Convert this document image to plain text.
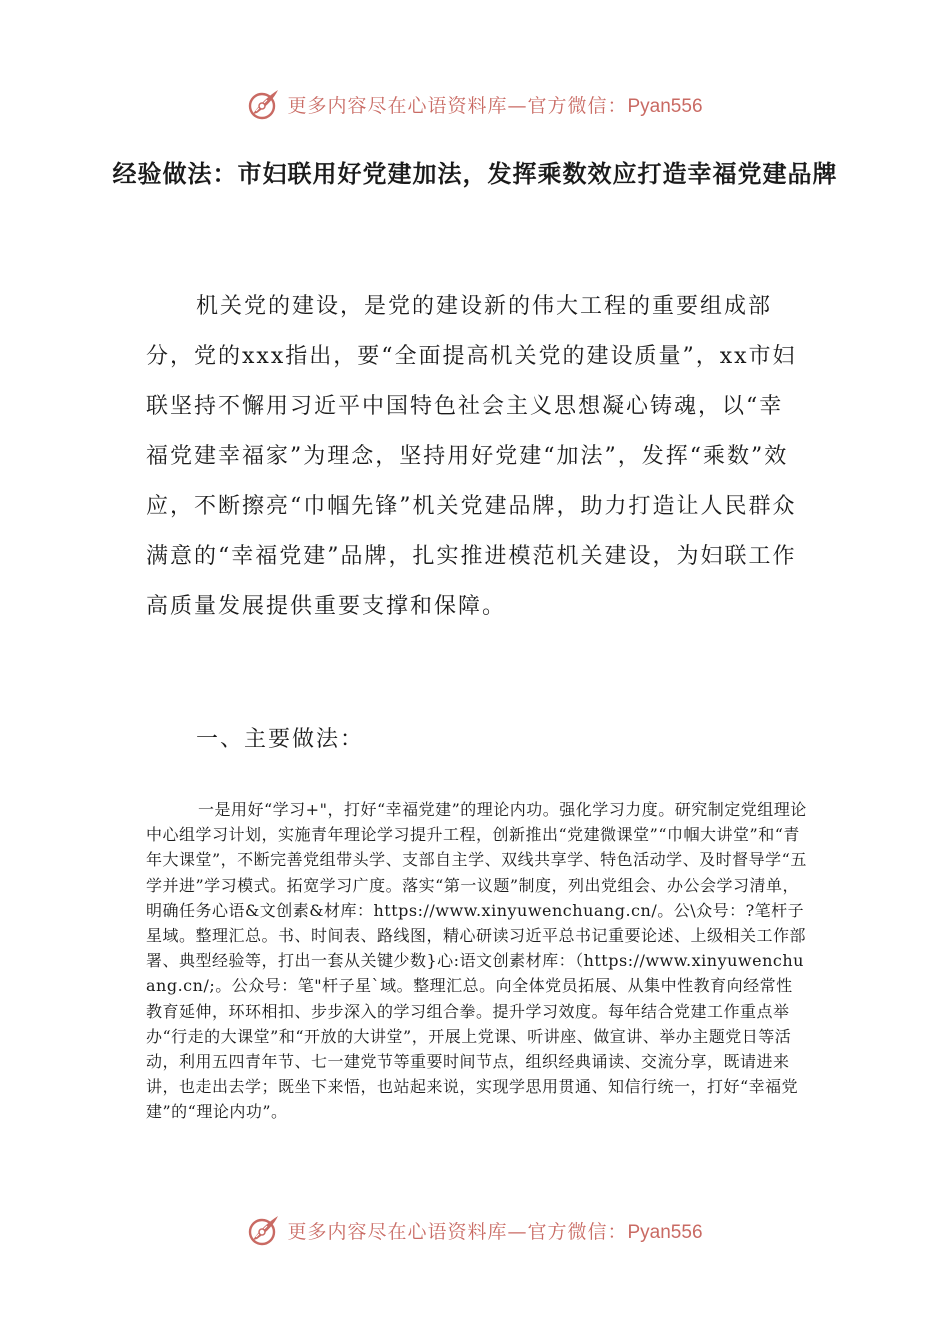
更多内容尽在心语资料库—官方微信：Pyan556
经验做法：市妇联用好党建加法，发挥乘数效应打造幸福党建品牌

机关党的建设，是党的建设新的伟大工程的重要组成部分，党的xxx指出，要“全面提高机关党的建设质量”，xx市妇联坚持不懈用习近平中国特色社会主义思想凝心铸魂，以“幸福党建幸福家”为理念，坚持用好党建“加法”，发挥“乘数”效应，不断擦亮“巾帼先锋”机关党建品牌，助力打造让人民群众满意的“幸福党建”品牌，扎实推进模范机关建设，为妇联工作高质量发展提供重要支撑和保障。

一、主要做法：

一是用好“学习+"，打好“幸福党建”的理论内功。强化学习力度。研究制定党组理论中心组学习计划，实施青年理论学习提升工程，创新推出“党建微课堂”“巾帼大讲堂”和“青年大课堂”，不断完善党组带头学、支部自主学、双线共享学、特色活动学、及时督导学“五学并进”学习模式。拓宽学习广度。落实“第一议题”制度，列出党组会、办公会学习清单，明确任务心语&文创素&材库：https://www.xinyuwenchuang.cn/。公\众号：?笔杆子星域。整理汇总。书、时间表、路线图，精心研读习近平总书记重要论述、上级相关工作部署、典型经验等，打出一套从关键少数}心:语文创素材库：（https://www.xinyuwenchuang.cn/;。公众号：笔"杆子星`域。整理汇总。向全体党员拓展、从集中性教育向经常性教育延伸，环环相扣、步步深入的学习组合拳。提升学习效度。每年结合党建工作重点举办“行走的大课堂”和“开放的大讲堂”，开展上党课、听讲座、做宣讲、举办主题党日等活动，利用五四青年节、七一建党节等重要时间节点，组织经典诵读、交流分享，既请进来讲，也走出去学；既坐下来悟，也站起来说，实现学思用贯通、知信行统一，打好“幸福党建”的“理论内功”。

更多内容尽在心语资料库—官方微信：Pyan556
